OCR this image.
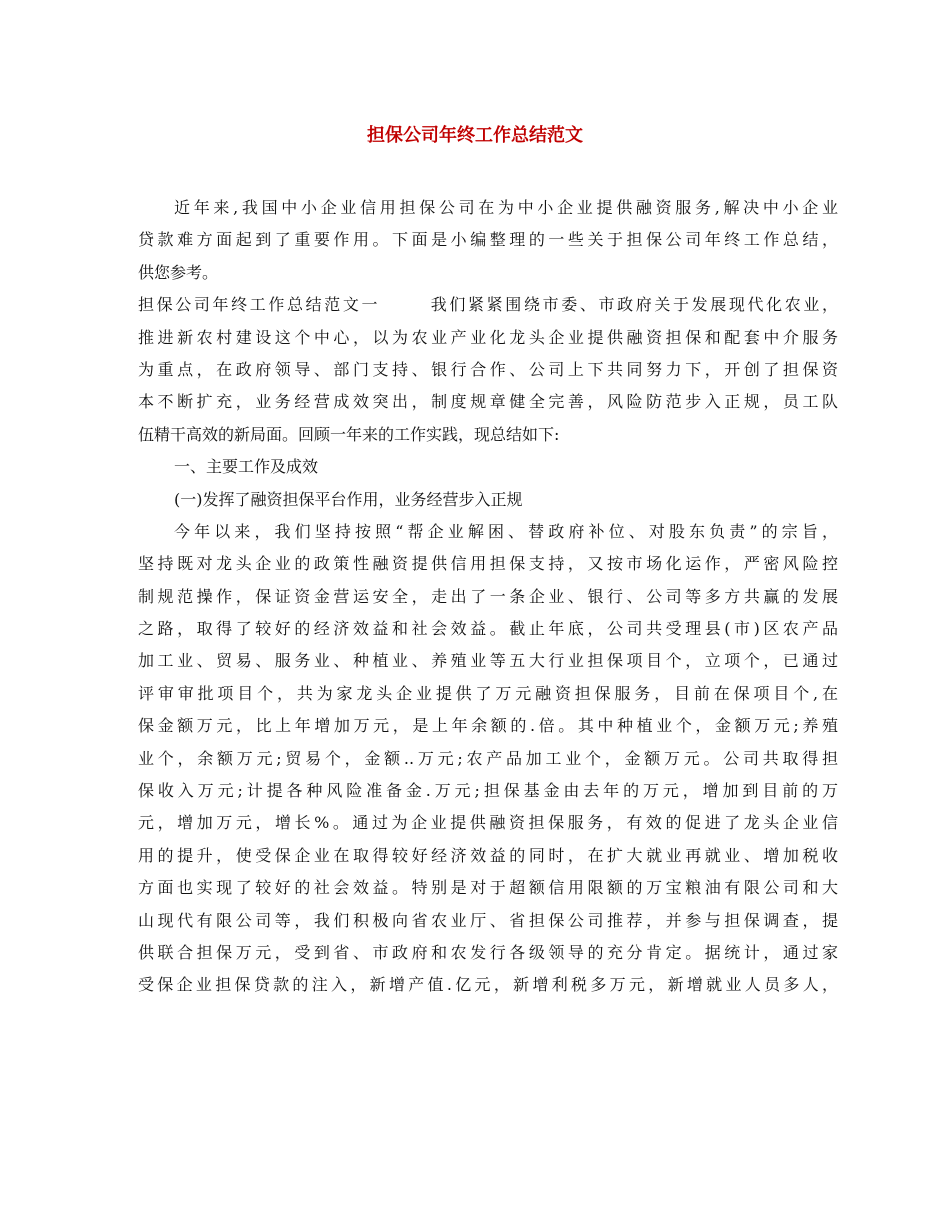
担保公司年终工作总结范文
近年来,我国中小企业信用担保公司在为中小企业提供融资服务,解决中小企业
贷款难方面起到了重要作用。下面是小编整理的一些关于担保公司年终工作总结，
供您参考。
担保公司年终工作总结范文一	我们紧紧围绕市委、市政府关于发展现代化农业，
推进新农村建设这个中心，以为农业产业化龙头企业提供融资担保和配套中介服务
为重点，在政府领导、部门支持、银行合作、公司上下共同努力下，开创了担保资
本不断扩充，业务经营成效突出，制度规章健全完善，风险防范步入正规，员工队
伍精干高效的新局面。回顾一年来的工作实践，现总结如下:
一、主要工作及成效
(一)发挥了融资担保平台作用，业务经营步入正规
今年以来，我们坚持按照“帮企业解困、替政府补位、对股东负责”的宗旨，
坚持既对龙头企业的政策性融资提供信用担保支持，又按市场化运作，严密风险控
制规范操作，保证资金营运安全，走出了一条企业、银行、公司等多方共赢的发展
之路，取得了较好的经济效益和社会效益。截止年底，公司共受理县(市)区农产品
加工业、贸易、服务业、种植业、养殖业等五大行业担保项目个，立项个，已通过
评审审批项目个，共为家龙头企业提供了万元融资担保服务，目前在保项目个,在
保金额万元，比上年增加万元，是上年余额的.倍。其中种植业个，金额万元;养殖
业个，余额万元;贸易个，金额..万元;农产品加工业个，金额万元。公司共取得担
保收入万元;计提各种风险准备金.万元;担保基金由去年的万元，增加到目前的万
元，增加万元，增长%。通过为企业提供融资担保服务，有效的促进了龙头企业信
用的提升，使受保企业在取得较好经济效益的同时，在扩大就业再就业、增加税收
方面也实现了较好的社会效益。特别是对于超额信用限额的万宝粮油有限公司和大
山现代有限公司等，我们积极向省农业厅、省担保公司推荐，并参与担保调查，提
供联合担保万元，受到省、市政府和农发行各级领导的充分肯定。据统计，通过家
受保企业担保贷款的注入，新增产值.亿元，新增利税多万元，新增就业人员多人，
